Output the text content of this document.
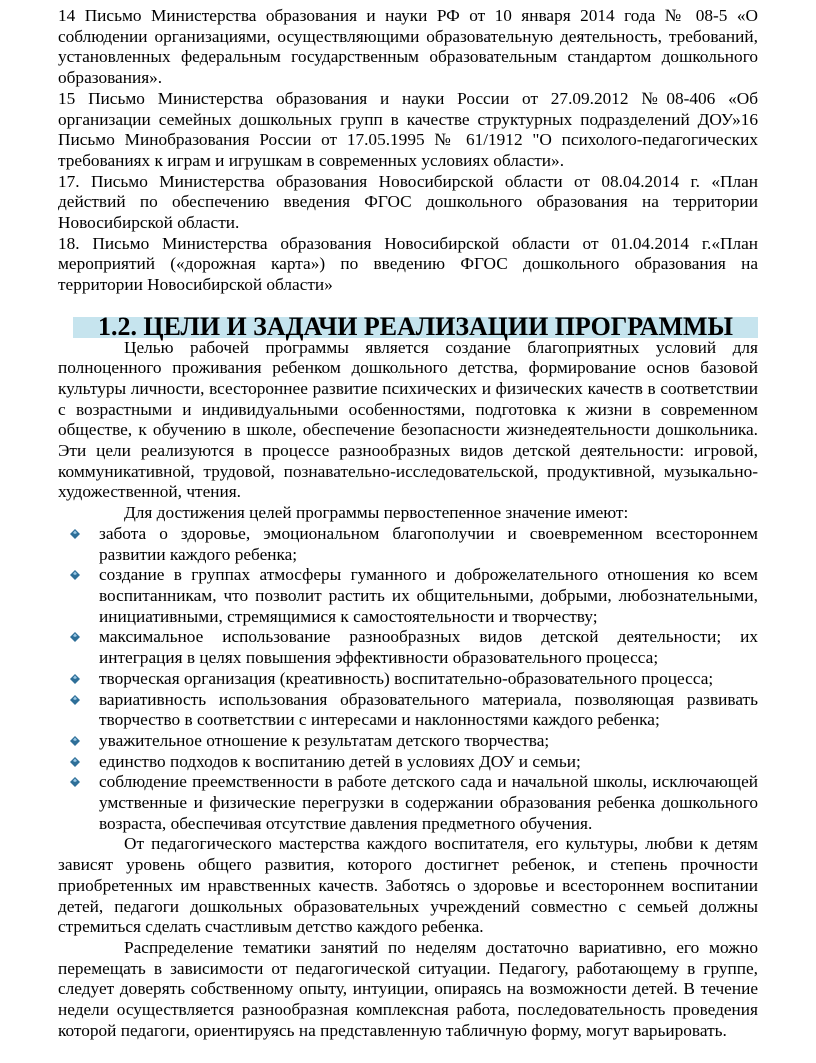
14 Письмо Министерства образования и науки РФ от 10 января 2014 года № 08-5 «О соблюдении организациями, осуществляющими образовательную деятельность, требований, установленных федеральным государственным образовательным стандартом дошкольного образования».

15 Письмо Министерства образования и науки России от 27.09.2012 №08-406 «Об организации семейных дошкольных групп в качестве структурных подразделений ДОУ»16 Письмо Минобразования России от 17.05.1995 № 61/1912 "О психолого-педагогических требованиях к играм и игрушкам в современных условиях области».

17. Письмо Министерства образования Новосибирской области от 08.04.2014 г. «План действий по обеспечению введения ФГОС дошкольного образования на территории Новосибирской области.

18. Письмо Министерства образования Новосибирской области от 01.04.2014 г.«План мероприятий («дорожная карта») по введению ФГОС дошкольного образования на территории Новосибирской области»

1.2. ЦЕЛИ И ЗАДАЧИ РЕАЛИЗАЦИИ ПРОГРАММЫ

Целью рабочей программы является создание благоприятных условий для полноценного проживания ребенком дошкольного детства, формирование основ базовой культуры личности, всестороннее развитие психических и физических качеств в соответствии с возрастными и индивидуальными особенностями, подготовка к жизни в современном обществе, к обучению в школе, обеспечение безопасности жизнедеятельности дошкольника. Эти цели реализуются в процессе разнообразных видов детской деятельности: игровой, коммуникативной, трудовой, познавательно-исследовательской, продуктивной, музыкально-художественной, чтения.

Для достижения целей программы первостепенное значение имеют:

забота о здоровье, эмоциональном благополучии и своевременном всестороннем развитии каждого ребенка;
создание в группах атмосферы гуманного и доброжелательного отношения ко всем воспитанникам, что позволит растить их общительными, добрыми, любознательными, инициативными, стремящимися к самостоятельности и творчеству;
максимальное использование разнообразных видов детской деятельности; их интеграция в целях повышения эффективности образовательного процесса;
творческая организация (креативность) воспитательно-образовательного процесса;
вариативность использования образовательного материала, позволяющая развивать творчество в соответствии с интересами и наклонностями каждого ребенка;
уважительное отношение к результатам детского творчества;
единство подходов к воспитанию детей в условиях ДОУ и семьи;
соблюдение преемственности в работе детского сада и начальной школы, исключающей умственные и физические перегрузки в содержании образования ребенка дошкольного возраста, обеспечивая отсутствие давления предметного обучения.

От педагогического мастерства каждого воспитателя, его культуры, любви к детям зависят уровень общего развития, которого достигнет ребенок, и степень прочности приобретенных им нравственных качеств. Заботясь о здоровье и всестороннем воспитании детей, педагоги дошкольных образовательных учреждений совместно с семьей должны стремиться сделать счастливым детство каждого ребенка.

Распределение тематики занятий по неделям достаточно вариативно, его можно перемещать в зависимости от педагогической ситуации. Педагогу, работающему в группе, следует доверять собственному опыту, интуиции, опираясь на возможности детей. В течение недели осуществляется разнообразная комплексная работа, последовательность проведения которой педагоги, ориентируясь на представленную табличную форму, могут варьировать.
